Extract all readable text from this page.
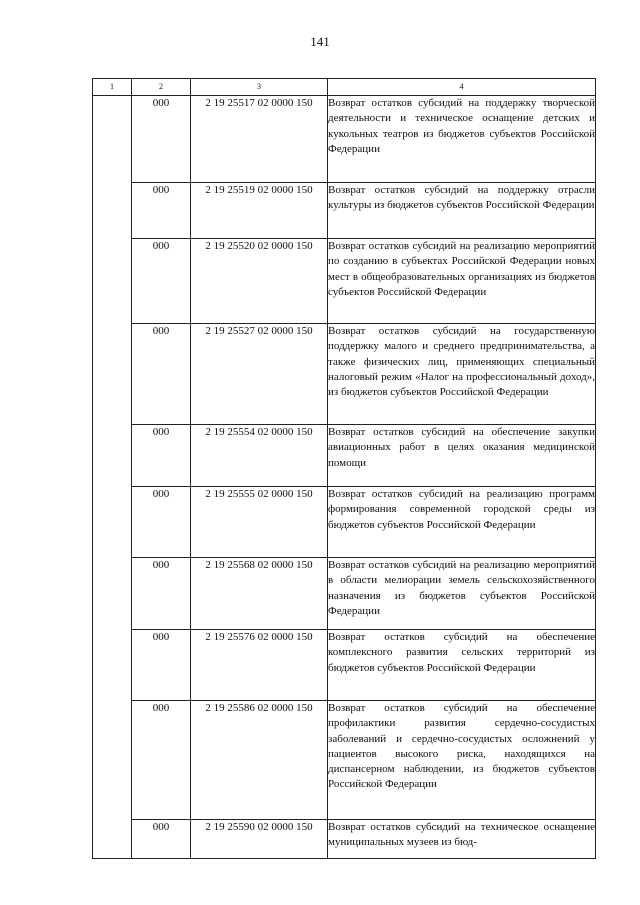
141
1	2	3	4
	000	2 19 25517 02 0000 150	Возврат остатков субсидий на поддержку творческой деятельности и техническое оснащение детских и кукольных театров из бюджетов субъектов Российской Федерации
	000	2 19 25519 02 0000 150	Возврат остатков субсидий на поддержку отрасли культуры из бюджетов субъектов Российской Федерации
	000	2 19 25520 02 0000 150	Возврат остатков субсидий на реализацию мероприятий по созданию в субъектах Российской Федерации новых мест в общеобразовательных организациях из бюджетов субъектов Российской Федерации
	000	2 19 25527 02 0000 150	Возврат остатков субсидий на государственную поддержку малого и среднего предпринимательства, а также физических лиц, применяющих специальный налоговый режим «Налог на профессиональный доход», из бюджетов субъектов Российской Федерации
	000	2 19 25554 02 0000 150	Возврат остатков субсидий на обеспечение закупки авиационных работ в целях оказания медицинской помощи
	000	2 19 25555 02 0000 150	Возврат остатков субсидий на реализацию программ формирования современной городской среды из бюджетов субъектов Российской Федерации
	000	2 19 25568 02 0000 150	Возврат остатков субсидий на реализацию мероприятий в области мелиорации земель сельскохозяйственного назначения из бюджетов субъектов Российской Федерации
	000	2 19 25576 02 0000 150	Возврат остатков субсидий на обеспечение комплексного развития сельских территорий из бюджетов субъектов Российской Федерации
	000	2 19 25586 02 0000 150	Возврат остатков субсидий на обеспечение профилактики развития сердечно-сосудистых заболеваний и сердечно-сосудистых осложнений у пациентов высокого риска, находящихся на диспансерном наблюдении, из бюджетов субъектов Российской Федерации
	000	2 19 25590 02 0000 150	Возврат остатков субсидий на техническое оснащение муниципальных музеев из бюд-
